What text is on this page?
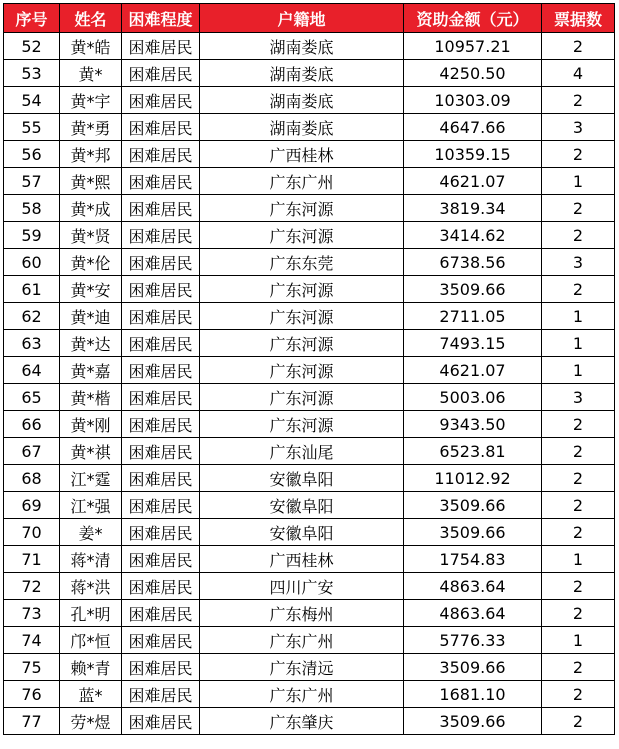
序号	姓名	困难程度	户籍地	资助金额（元）	票据数
52	黄*皓	困难居民	湖南娄底	10957.21	2
53	黄*	困难居民	湖南娄底	4250.50	4
54	黄*宇	困难居民	湖南娄底	10303.09	2
55	黄*勇	困难居民	湖南娄底	4647.66	3
56	黄*邦	困难居民	广西桂林	10359.15	2
57	黄*熙	困难居民	广东广州	4621.07	1
58	黄*成	困难居民	广东河源	3819.34	2
59	黄*贤	困难居民	广东河源	3414.62	2
60	黄*伦	困难居民	广东东莞	6738.56	3
61	黄*安	困难居民	广东河源	3509.66	2
62	黄*迪	困难居民	广东河源	2711.05	1
63	黄*达	困难居民	广东河源	7493.15	1
64	黄*嘉	困难居民	广东河源	4621.07	1
65	黄*楷	困难居民	广东河源	5003.06	3
66	黄*刚	困难居民	广东河源	9343.50	2
67	黄*祺	困难居民	广东汕尾	6523.81	2
68	江*霆	困难居民	安徽阜阳	11012.92	2
69	江*强	困难居民	安徽阜阳	3509.66	2
70	姜*	困难居民	安徽阜阳	3509.66	2
71	蒋*清	困难居民	广西桂林	1754.83	1
72	蒋*洪	困难居民	四川广安	4863.64	2
73	孔*明	困难居民	广东梅州	4863.64	2
74	邝*恒	困难居民	广东广州	5776.33	1
75	赖*青	困难居民	广东清远	3509.66	2
76	蓝*	困难居民	广东广州	1681.10	2
77	劳*煜	困难居民	广东肇庆	3509.66	2
